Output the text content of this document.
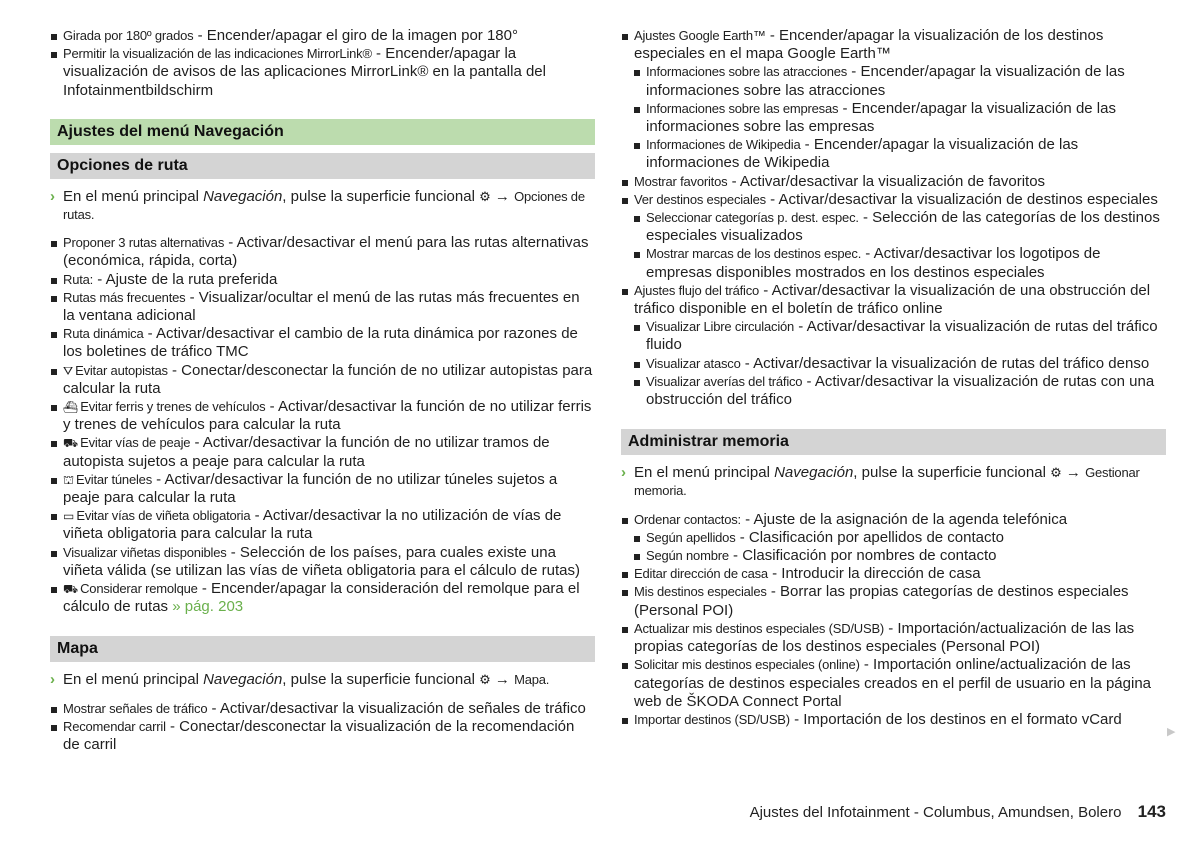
Girada por 180º grados - Encender/apagar el giro de la imagen por 180°
Permitir la visualización de las indicaciones MirrorLink® - Encender/apagar la visualización de avisos de las aplicaciones MirrorLink® en la pantalla del Infotainmentbildschirm
Ajustes del menú Navegación
Opciones de ruta
› En el menú principal Navegación, pulse la superficie funcional ⚙ → Opciones de rutas.
Proponer 3 rutas alternativas - Activar/desactivar el menú para las rutas alternativas (económica, rápida, corta)
Ruta: - Ajuste de la ruta preferida
Rutas más frecuentes - Visualizar/ocultar el menú de las rutas más frecuentes en la ventana adicional
Ruta dinámica - Activar/desactivar el cambio de la ruta dinámica por razones de los boletines de tráfico TMC
⛛ Evitar autopistas - Conectar/desconectar la función de no utilizar autopistas para calcular la ruta
⛴ Evitar ferris y trenes de vehículos - Activar/desactivar la función de no utilizar ferris y trenes de vehículos para calcular la ruta
⛟ Evitar vías de peaje - Activar/desactivar la función de no utilizar tramos de autopista sujetos a peaje para calcular la ruta
⛫ Evitar túneles - Activar/desactivar la función de no utilizar túneles sujetos a peaje para calcular la ruta
▭ Evitar vías de viñeta obligatoria - Activar/desactivar la no utilización de vías de viñeta obligatoria para calcular la ruta
Visualizar viñetas disponibles - Selección de los países, para cuales existe una viñeta válida (se utilizan las vías de viñeta obligatoria para el cálculo de rutas)
⛟ Considerar remolque - Encender/apagar la consideración del remolque para el cálculo de rutas » pág. 203
Mapa
› En el menú principal Navegación, pulse la superficie funcional ⚙ → Mapa.
Mostrar señales de tráfico - Activar/desactivar la visualización de señales de tráfico
Recomendar carril - Conectar/desconectar la visualización de la recomendación de carril
Ajustes Google Earth™ - Encender/apagar la visualización de los destinos especiales en el mapa Google Earth™
Informaciones sobre las atracciones - Encender/apagar la visualización de las informaciones sobre las atracciones
Informaciones sobre las empresas - Encender/apagar la visualización de las informaciones sobre las empresas
Informaciones de Wikipedia - Encender/apagar la visualización de las informaciones de Wikipedia
Mostrar favoritos - Activar/desactivar la visualización de favoritos
Ver destinos especiales - Activar/desactivar la visualización de destinos especiales
Seleccionar categorías p. dest. espec. - Selección de las categorías de los destinos especiales visualizados
Mostrar marcas de los destinos espec. - Activar/desactivar los logotipos de empresas disponibles mostrados en los destinos especiales
Ajustes flujo del tráfico - Activar/desactivar la visualización de una obstrucción del tráfico disponible en el boletín de tráfico online
Visualizar Libre circulación - Activar/desactivar la visualización de rutas del tráfico fluido
Visualizar atasco - Activar/desactivar la visualización de rutas del tráfico denso
Visualizar averías del tráfico - Activar/desactivar la visualización de rutas con una obstrucción del tráfico
Administrar memoria
› En el menú principal Navegación, pulse la superficie funcional ⚙ → Gestionar memoria.
Ordenar contactos: - Ajuste de la asignación de la agenda telefónica
Según apellidos - Clasificación por apellidos de contacto
Según nombre - Clasificación por nombres de contacto
Editar dirección de casa - Introducir la dirección de casa
Mis destinos especiales - Borrar las propias categorías de destinos especiales (Personal POI)
Actualizar mis destinos especiales (SD/USB) - Importación/actualización de las las propias categorías de los destinos especiales (Personal POI)
Solicitar mis destinos especiales (online) - Importación online/actualización de las categorías de destinos especiales creados en el perfil de usuario en la página web de ŠKODA Connect Portal
Importar destinos (SD/USB) - Importación de los destinos en el formato vCard
▶
Ajustes del Infotainment - Columbus, Amundsen, Bolero 143
